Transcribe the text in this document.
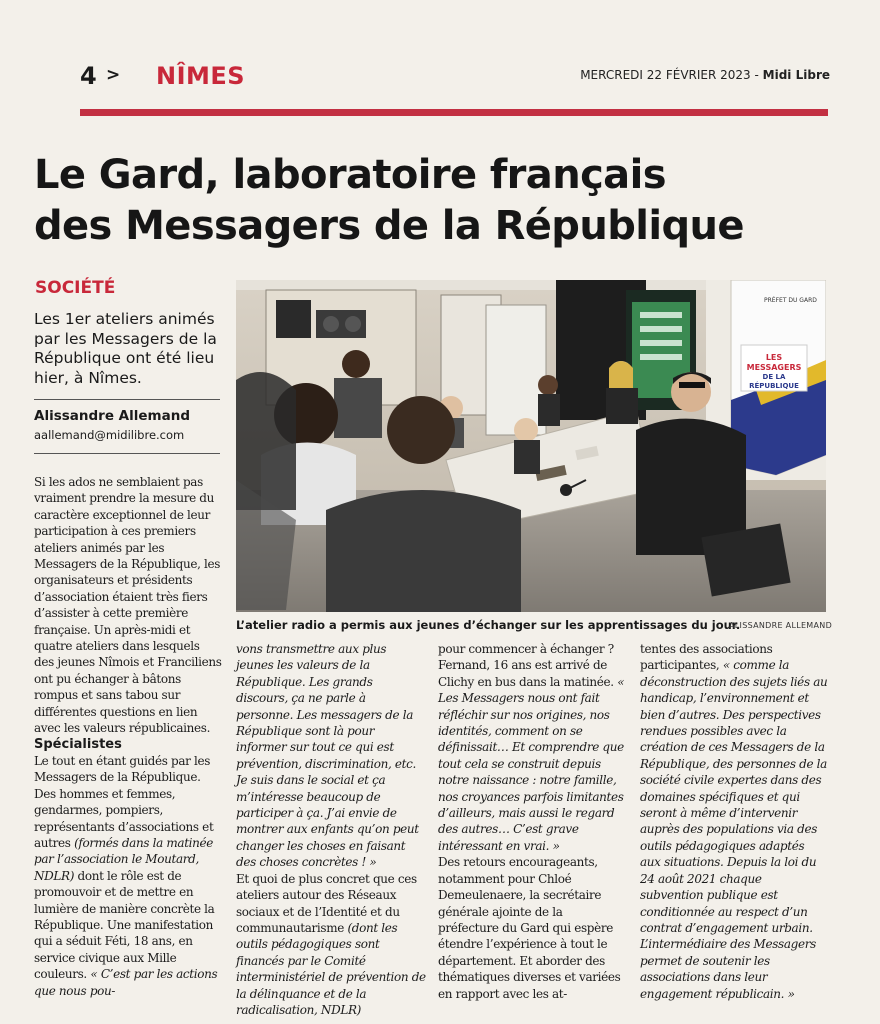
4 > NÎMES	MERCREDI 22 FÉVRIER 2023 - Midi Libre
Le Gard, laboratoire français
des Messagers de la République
SOCIÉTÉ
Les 1er ateliers animés par les Messagers de la République ont été lieu hier, à Nîmes.
Alissandre Allemand
aallemand@midilibre.com
LES
MESSAGERS
DE LA
RÉPUBLIQUE
PRÉFET DU GARD
L’atelier radio a permis aux jeunes d’échanger sur les apprentissages du jour.
ALISSANDRE ALLEMAND

Si les ados ne semblaient pas vraiment prendre la mesure du caractère exceptionnel de leur participation à ces premiers ateliers animés par les Messagers de la République, les organisateurs et présidents d’association étaient très fiers d’assister à cette première française. Un après-midi et quatre ateliers dans lesquels des jeunes Nîmois et Franciliens ont pu échanger à bâtons rompus et sans tabou sur différentes questions en lien avec les valeurs républicaines.

Spécialistes

Le tout en étant guidés par les Messagers de la République. Des hommes et femmes, gendarmes, pompiers, représentants d’associations et autres (formés dans la matinée par l’association le Moutard, NDLR) dont le rôle est de promouvoir et de mettre en lumière de manière concrète la République. Une manifestation qui a séduit Féti, 18 ans, en service civique aux Mille couleurs. « C’est par les actions que nous pou-

vons transmettre aux plus jeunes les valeurs de la République. Les grands discours, ça ne parle à personne. Les messagers de la République sont là pour informer sur tout ce qui est prévention, discrimination, etc. Je suis dans le social et ça m’intéresse beaucoup de participer à ça. J’ai envie de montrer aux enfants qu’on peut changer les choses en faisant des choses concrètes ! »

Et quoi de plus concret que ces ateliers autour des Réseaux sociaux et de l’Identité et du communautarisme (dont les outils pédagogiques sont financés par le Comité interministériel de prévention de la délinquance et de la radicalisation, NDLR)

pour commencer à échanger ? Fernand, 16 ans est arrivé de Clichy en bus dans la matinée. « Les Messagers nous ont fait réfléchir sur nos origines, nos identités, comment on se définissait… Et comprendre que tout cela se construit depuis notre naissance : notre famille, nos croyances parfois limitantes d’ailleurs, mais aussi le regard des autres… C’est grave intéressant en vrai. »

Des retours encourageants, notamment pour Chloé Demeulenaere, la secrétaire générale ajointe de la préfecture du Gard qui espère étendre l’expérience à tout le département. Et aborder des thématiques diverses et variées en rapport avec les at-

tentes des associations participantes, « comme la déconstruction des sujets liés au handicap, l’environnement et bien d’autres. Des perspectives rendues possibles avec la création de ces Messagers de la République, des personnes de la société civile expertes dans des domaines spécifiques et qui seront à même d’intervenir auprès des populations via des outils pédagogiques adaptés aux situations. Depuis la loi du 24 août 2021 chaque subvention publique est conditionnée au respect d’un contrat d’engagement urbain. L’intermédiaire des Messagers permet de soutenir les associations dans leur engagement républicain. »
